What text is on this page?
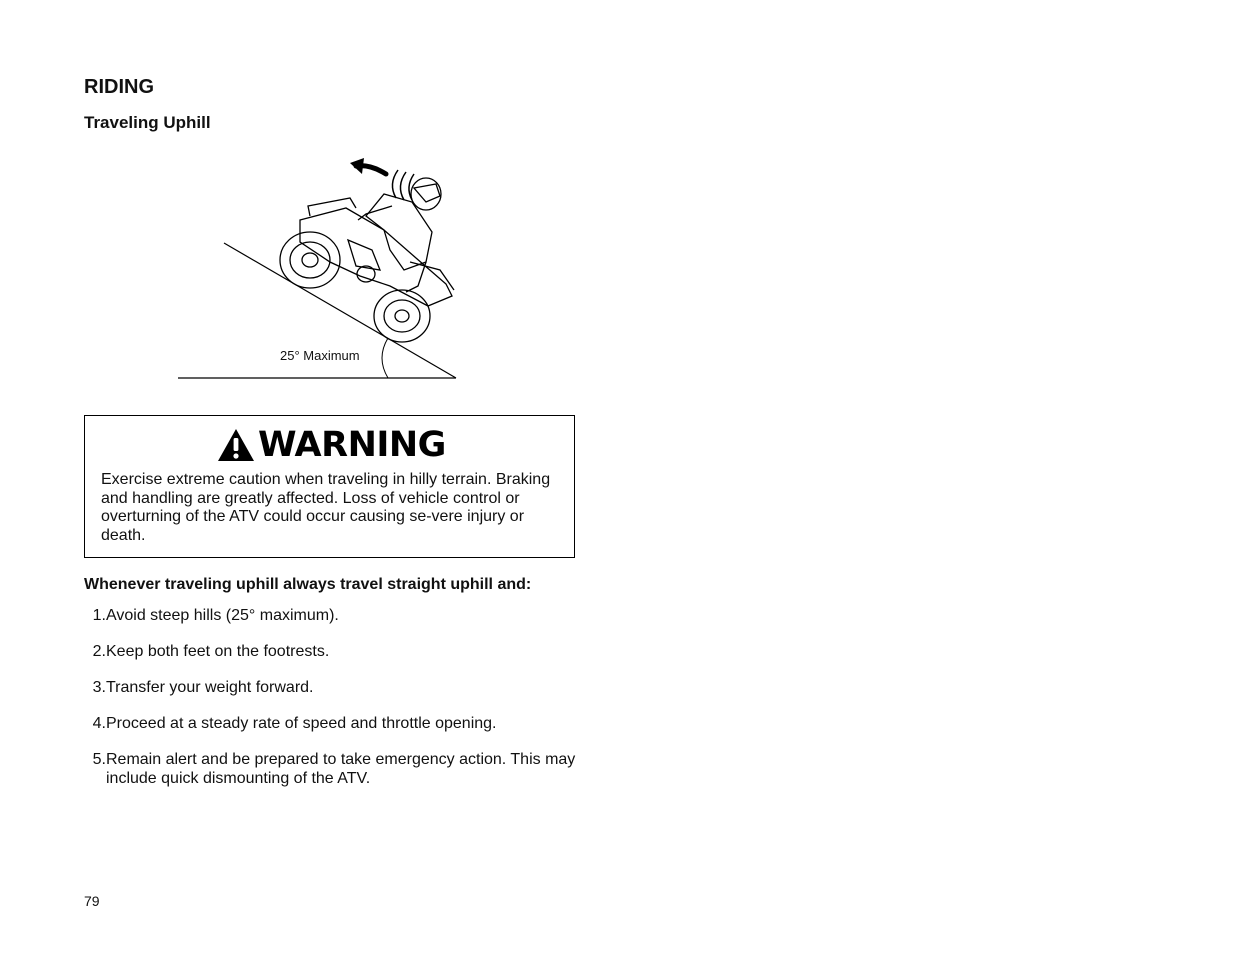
RIDING
Traveling Uphill
25° Maximum
WARNING
Exercise extreme caution when traveling in hilly terrain. Braking and handling are greatly affected. Loss of vehicle control or overturning of the ATV could occur causing se-vere injury or death.
Whenever traveling uphill always travel straight uphill and:
1. Avoid steep hills (25° maximum).
2. Keep both feet on the footrests.
3. Transfer your weight forward.
4. Proceed at a steady rate of speed and throttle opening.
5. Remain alert and be prepared to take emergency action. This may include quick dismounting of the ATV.
79
